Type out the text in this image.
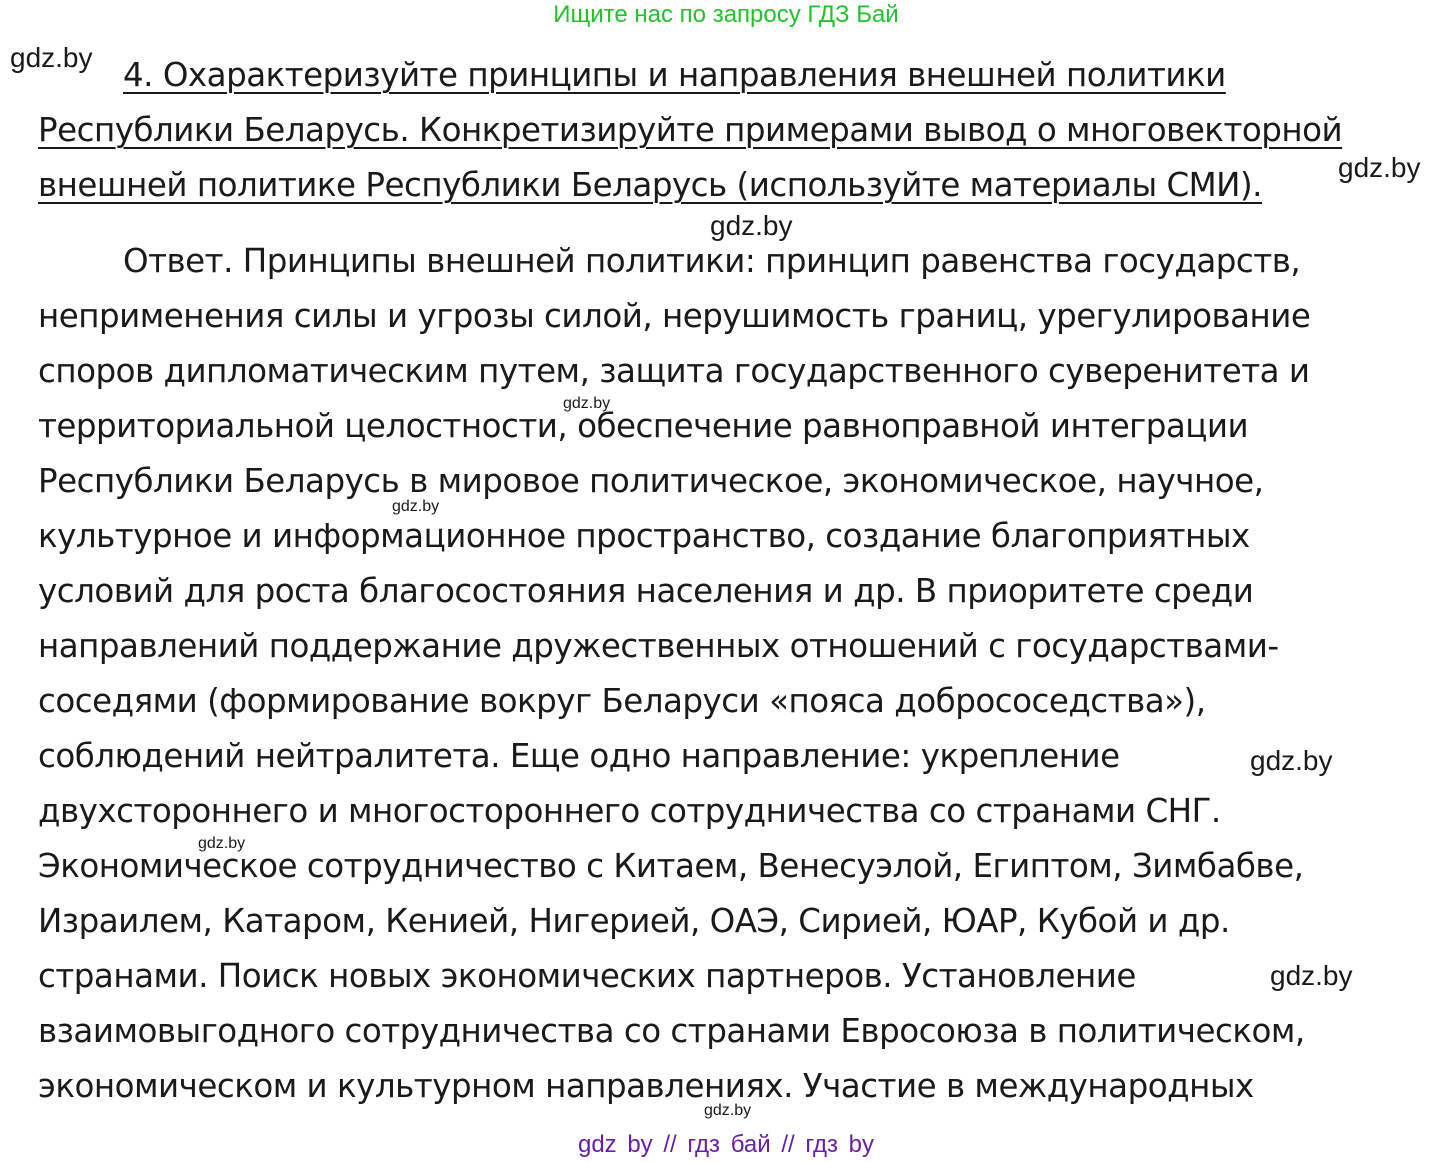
Ищите нас по запросу ГДЗ Бай
gdz.by
gdz.by
gdz.by
gdz.by
gdz.by
gdz.by
gdz.by
gdz.by
gdz.by
4. Охарактеризуйте принципы и направления внешней политики
Республики Беларусь. Конкретизируйте примерами вывод о многовекторной
внешней политике Республики Беларусь (используйте материалы СМИ).
Ответ. Принципы внешней политики: принцип равенства государств,
неприменения силы и угрозы силой, нерушимость границ, урегулирование
споров дипломатическим путем, защита государственного суверенитета и
территориальной целостности, обеспечение равноправной интеграции
Республики Беларусь в мировое политическое, экономическое, научное,
культурное и информационное пространство, создание благоприятных
условий для роста благосостояния населения и др. В приоритете среди
направлений поддержание дружественных отношений с государствами-
соседями (формирование вокруг Беларуси «пояса добрососедства»),
соблюдений нейтралитета. Еще одно направление: укрепление
двухстороннего и многостороннего сотрудничества со странами СНГ.
Экономическое сотрудничество с Китаем, Венесуэлой, Египтом, Зимбабве,
Израилем, Катаром, Кенией, Нигерией, ОАЭ, Сирией, ЮАР, Кубой и др.
странами. Поиск новых экономических партнеров. Установление
взаимовыгодного сотрудничества со странами Евросоюза в политическом,
экономическом и культурном направлениях. Участие в международных
gdz by // гдз бай // гдз by
